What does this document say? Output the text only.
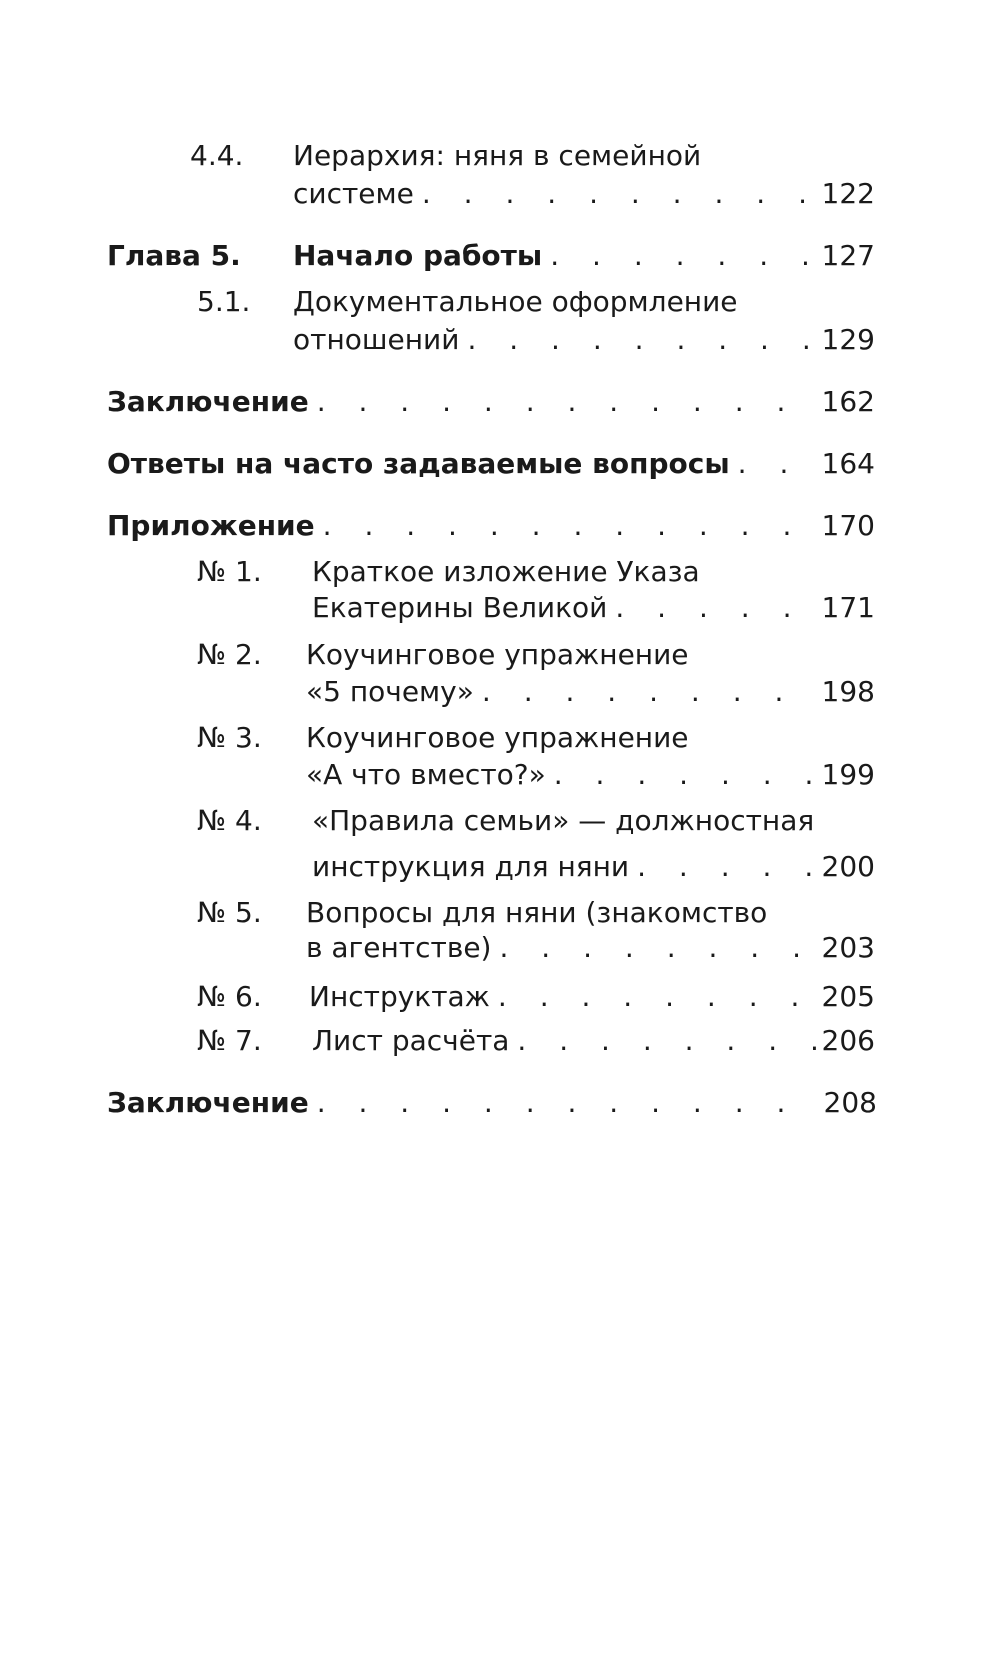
4.4. Иерархия: няня в семейной
системе . . .	122
Глава 5. Начало работы . . .	127
5.1. Документальное оформление
отношений . . .	129
Заключение . . .	162
Ответы на часто задаваемые вопросы . . .	164
Приложение . . .	170
№ 1. Краткое изложение Указа
Екатерины Великой . . .	171
№ 2. Коучинговое упражнение
«5 почему» . . .	198
№ 3. Коучинговое упражнение
«А что вместо?» . . .	199
№ 4. «Правила семьи» — должностная
инструкция для няни . . .	200
№ 5. Вопросы для няни (знакомство
в агентстве) . . .	203
№ 6. Инструктаж . . .	205
№ 7. Лист расчёта . . .	206
Заключение . . .	208
